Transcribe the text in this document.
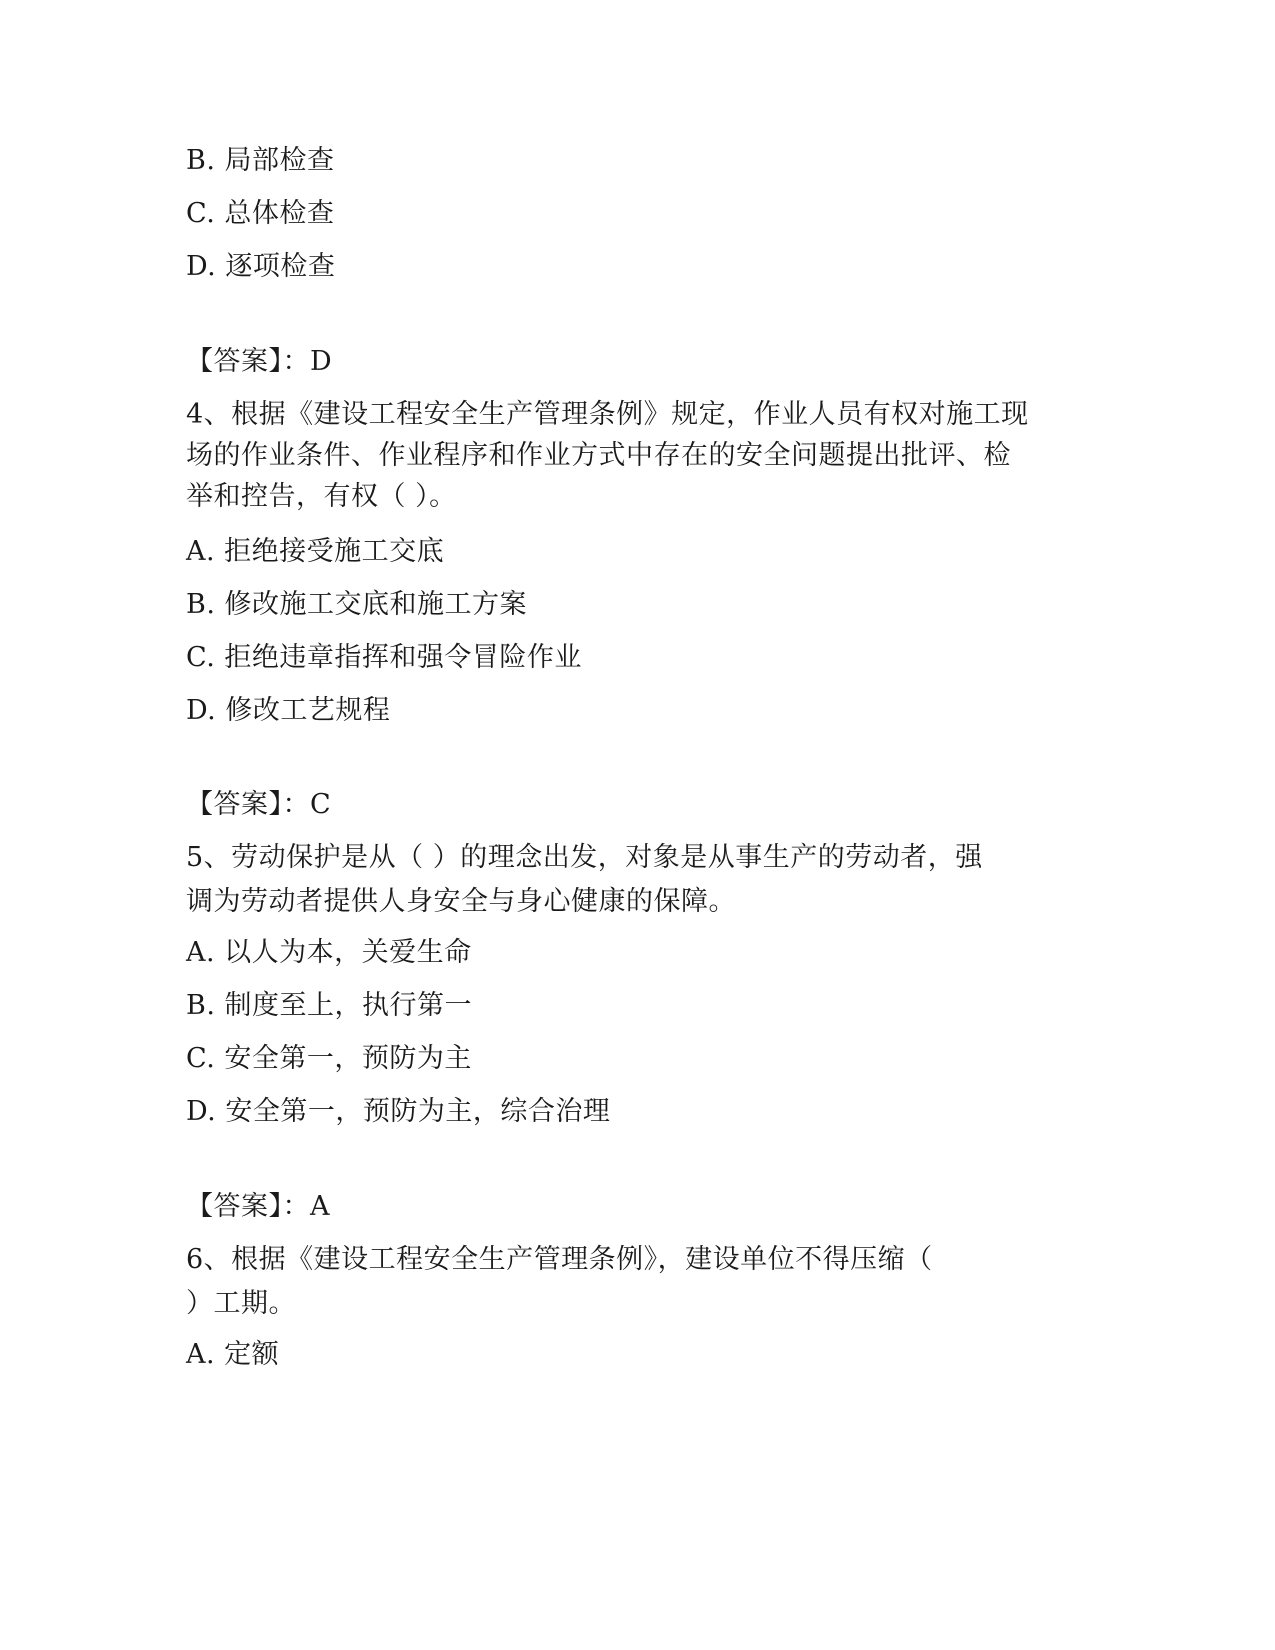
B. 局部检查
C. 总体检查
D. 逐项检查
【答案】：D
4、根据《建设工程安全生产管理条例》规定，作业人员有权对施工现
场的作业条件、作业程序和作业方式中存在的安全问题提出批评、检
举和控告，有权（ ）。
A. 拒绝接受施工交底
B. 修改施工交底和施工方案
C. 拒绝违章指挥和强令冒险作业
D. 修改工艺规程
【答案】：C
5、劳动保护是从（ ）的理念出发，对象是从事生产的劳动者，强
调为劳动者提供人身安全与身心健康的保障。
A. 以人为本，关爱生命
B. 制度至上，执行第一
C. 安全第一，预防为主
D. 安全第一，预防为主，综合治理
【答案】：A
6、根据《建设工程安全生产管理条例》，建设单位不得压缩（
）工期。
A. 定额
